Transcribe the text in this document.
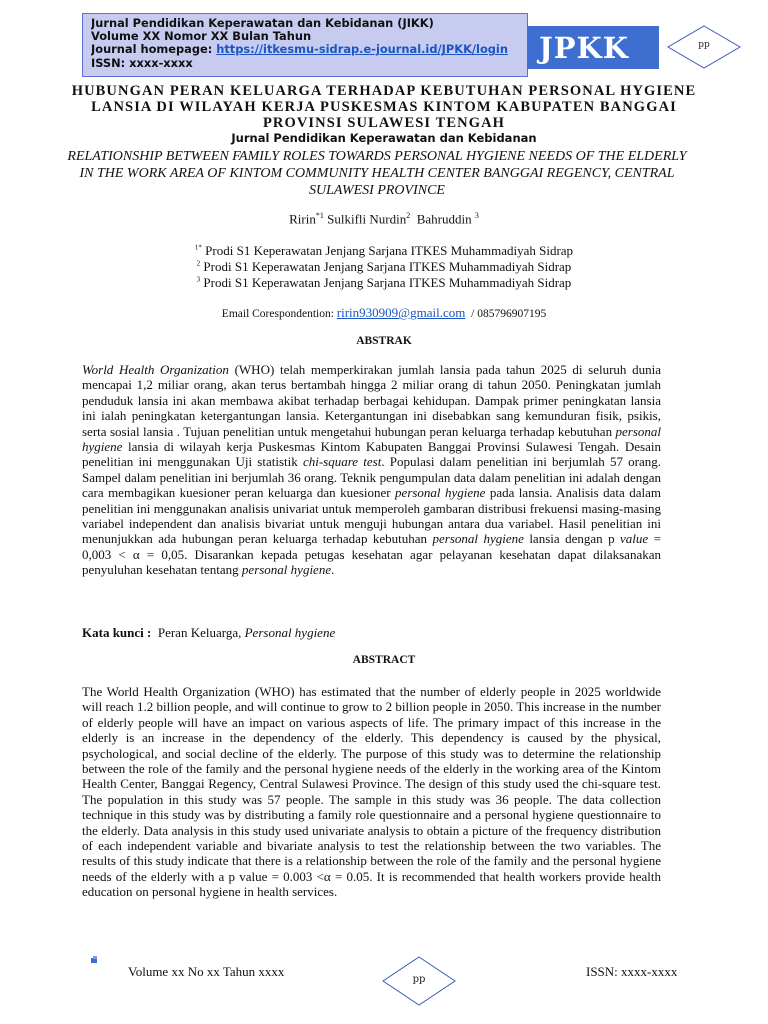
Jurnal Pendidikan Keperawatan dan Kebidanan (JIKK)
Volume XX Nomor XX Bulan Tahun
Journal homepage: https://itkesmu-sidrap.e-journal.id/JPKK/login
ISSN: xxxx-xxxx	JPKK	pp
HUBUNGAN PERAN KELUARGA TERHADAP KEBUTUHAN PERSONAL HYGIENE LANSIA DI WILAYAH KERJA PUSKESMAS KINTOM KABUPATEN BANGGAI PROVINSI SULAWESI TENGAH
Jurnal Pendidikan Keperawatan dan Kebidanan
RELATIONSHIP BETWEEN FAMILY ROLES TOWARDS PERSONAL HYGIENE NEEDS OF THE ELDERLY IN THE WORK AREA OF KINTOM COMMUNITY HEALTH CENTER BANGGAI REGENCY, CENTRAL SULAWESI PROVINCE
Ririn$^{*1}$ Sulkifli Nurdin$^2$ Bahruddin $^3$
$^{1*}$ Prodi S1 Keperawatan Jenjang Sarjana ITKES Muhammadiyah Sidrap
$^2$ Prodi S1 Keperawatan Jenjang Sarjana ITKES Muhammadiyah Sidrap
$^3$ Prodi S1 Keperawatan Jenjang Sarjana ITKES Muhammadiyah Sidrap
Email Corespondention: ririn930909@gmail.com / 085796907195
ABSTRAK
World Health Organization (WHO) telah memperkirakan jumlah lansia pada tahun 2025 di seluruh dunia mencapai 1,2 miliar orang, akan terus bertambah hingga 2 miliar orang di tahun 2050. Peningkatan jumlah penduduk lansia ini akan membawa akibat terhadap berbagai kehidupan. Dampak primer peningkatan lansia ini ialah peningkatan ketergantungan lansia. Ketergantungan ini disebabkan sang kemunduran fisik, psikis, serta sosial lansia . Tujuan penelitian untuk mengetahui hubungan peran keluarga terhadap kebutuhan personal hygiene lansia di wilayah kerja Puskesmas Kintom Kabupaten Banggai Provinsi Sulawesi Tengah. Desain penelitian ini menggunakan Uji statistik chi-square test. Populasi dalam penelitian ini berjumlah 57 orang. Sampel dalam penelitian ini berjumlah 36 orang. Teknik pengumpulan data dalam penelitian ini adalah dengan cara membagikan kuesioner peran keluarga dan kuesioner personal hygiene pada lansia. Analisis data dalam penelitian ini menggunakan analisis univariat untuk memperoleh gambaran distribusi frekuensi masing-masing variabel independent dan analisis bivariat untuk menguji hubungan antara dua variabel. Hasil penelitian ini menunjukkan ada hubungan peran keluarga terhadap kebutuhan personal hygiene lansia dengan p value = 0,003 < α = 0,05. Disarankan kepada petugas kesehatan agar pelayanan kesehatan dapat dilaksanakan penyuluhan kesehatan tentang personal hygiene.
Kata kunci : Peran Keluarga, Personal hygiene
ABSTRACT
The World Health Organization (WHO) has estimated that the number of elderly people in 2025 worldwide will reach 1.2 billion people, and will continue to grow to 2 billion people in 2050. This increase in the number of elderly people will have an impact on various aspects of life. The primary impact of this increase in the elderly is an increase in the dependency of the elderly. This dependency is caused by the physical, psychological, and social decline of the elderly. The purpose of this study was to determine the relationship between the role of the family and the personal hygiene needs of the elderly in the working area of the Kintom Health Center, Banggai Regency, Central Sulawesi Province. The design of this study used the chi-square test. The population in this study was 57 people. The sample in this study was 36 people. The data collection technique in this study was by distributing a family role questionnaire and a personal hygiene questionnaire to the elderly. Data analysis in this study used univariate analysis to obtain a picture of the frequency distribution of each independent variable and bivariate analysis to test the relationship between the two variables. The results of this study indicate that there is a relationship between the role of the family and the personal hygiene needs of the elderly with a p value = 0.003 <α = 0.05. It is recommended that health workers provide health education on personal hygiene in health services.
Volume xx No xx Tahun xxxx
pp
ISSN: xxxx-xxxx
